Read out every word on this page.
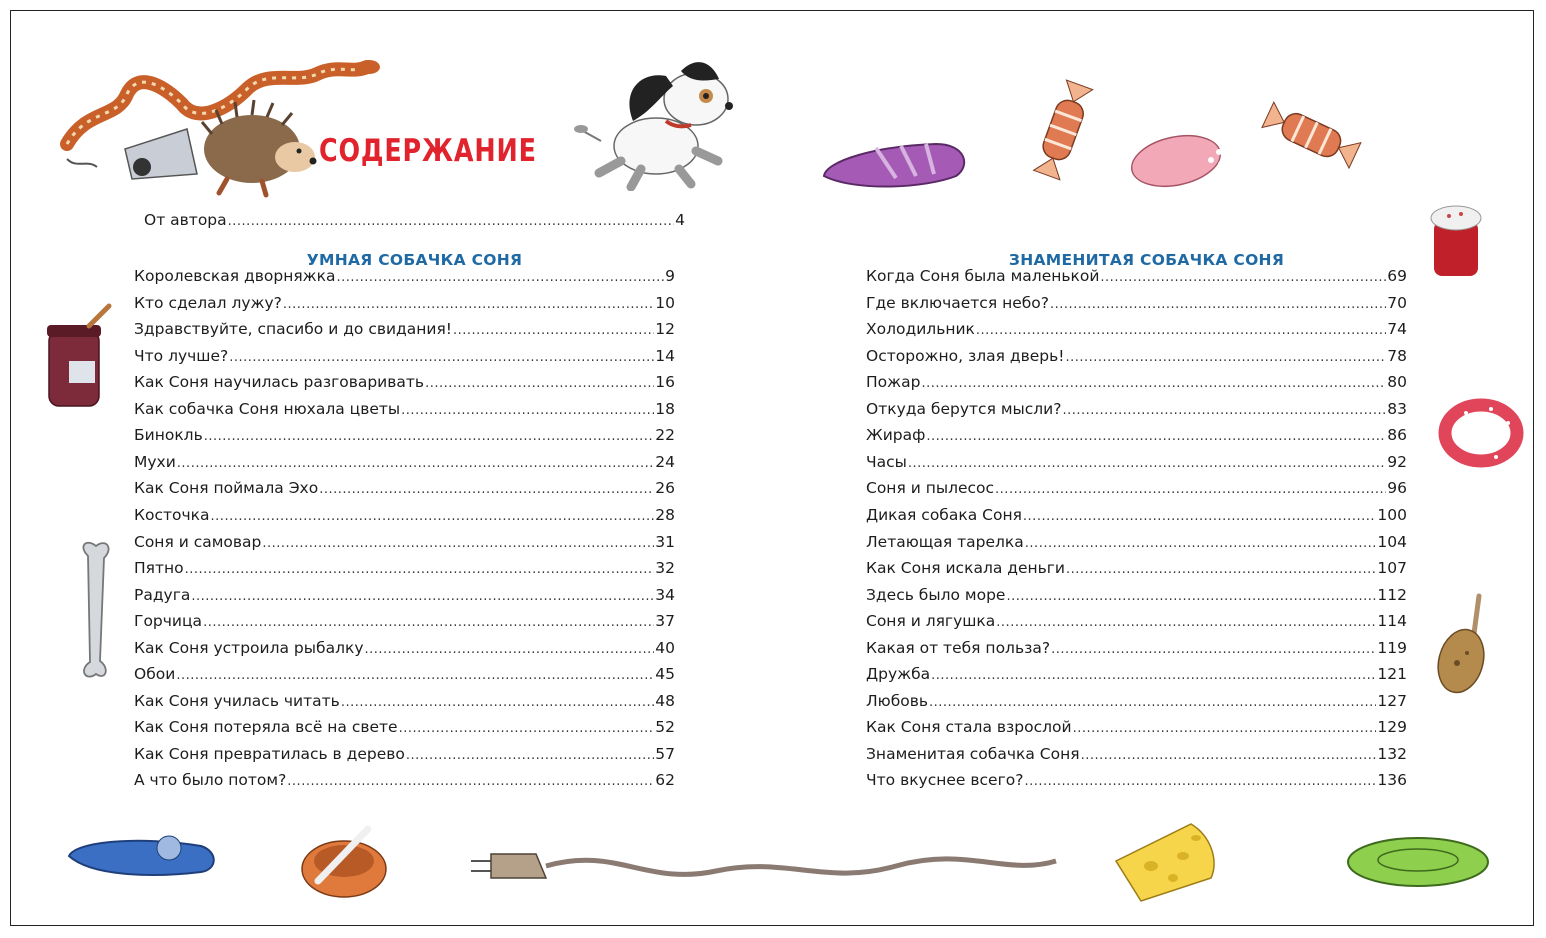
СОДЕРЖАНИЕ
От автора .....	4
УМНАЯ СОБАЧКА СОНЯ	ЗНАМЕНИТАЯ СОБАЧКА СОНЯ
Королевская дворняжка .....	9
Кто сделал лужу? .....	10
Здравствуйте, спасибо и до свидания! .....	12
Что лучше? .....	14
Как Соня научилась разговаривать .....	16
Как собачка Соня нюхала цветы .....	18
Бинокль .....	22
Мухи .....	24
Как Соня поймала Эхо .....	26
Косточка .....	28
Соня и самовар .....	31
Пятно .....	32
Радуга .....	34
Горчица .....	37
Как Соня устроила рыбалку .....	40
Обои .....	45
Как Соня училась читать .....	48
Как Соня потеряла всё на свете .....	52
Как Соня превратилась в дерево .....	57
А что было потом? .....	62
Когда Соня была маленькой .....	69
Где включается небо? .....	70
Холодильник .....	74
Осторожно, злая дверь! .....	78
Пожар .....	80
Откуда берутся мысли? .....	83
Жираф .....	86
Часы .....	92
Соня и пылесос .....	96
Дикая собака Соня .....	100
Летающая тарелка .....	104
Как Соня искала деньги .....	107
Здесь было море .....	112
Соня и лягушка .....	114
Какая от тебя польза? .....	119
Дружба .....	121
Любовь .....	127
Как Соня стала взрослой .....	129
Знаменитая собачка Соня .....	132
Что вкуснее всего? .....	136
